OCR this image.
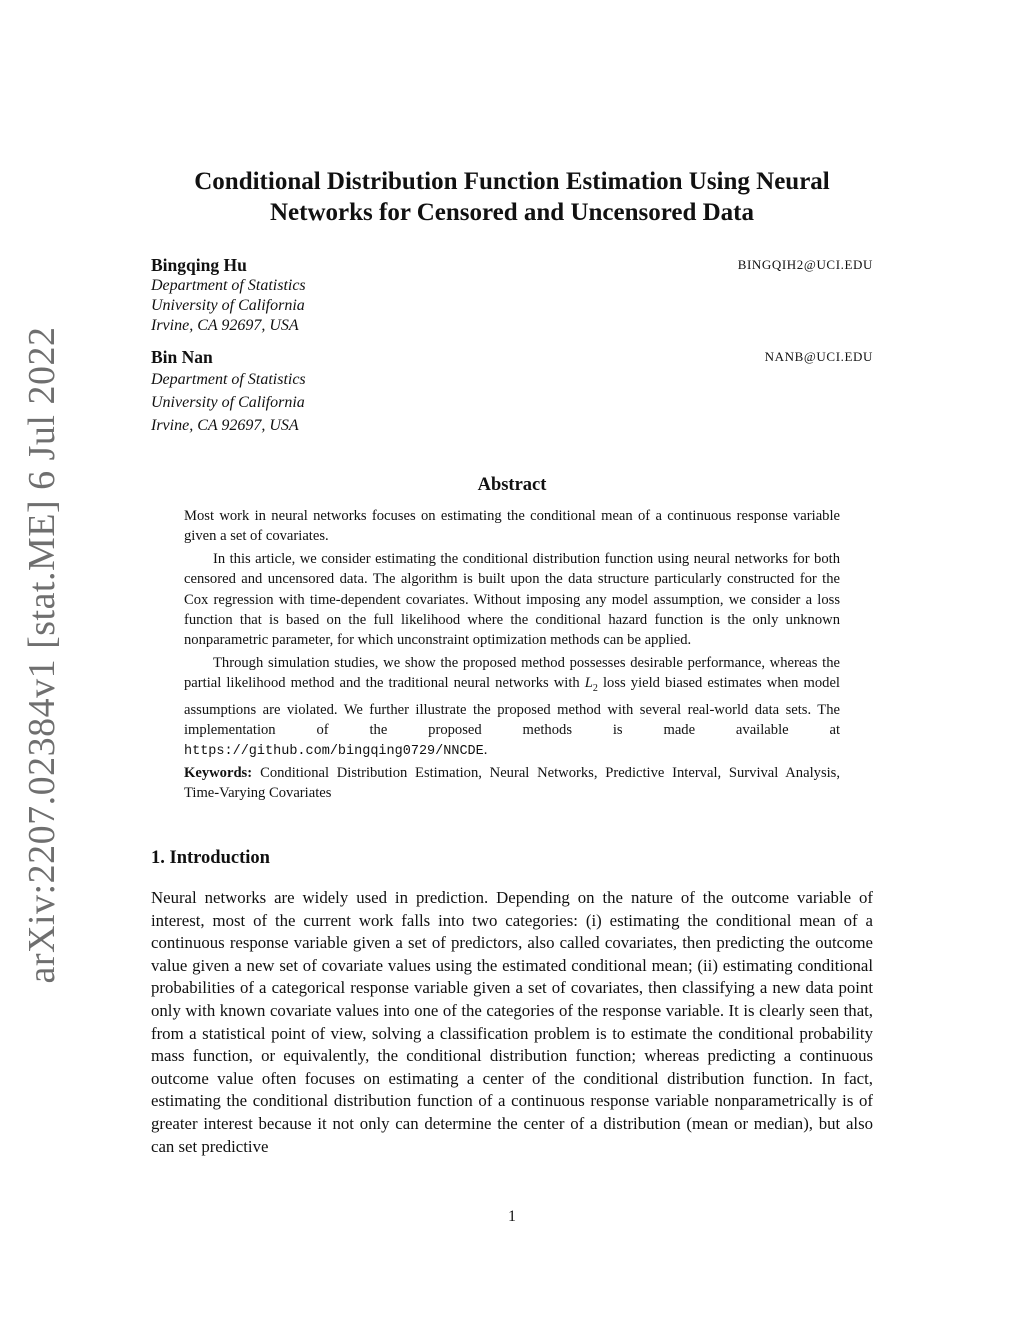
arXiv:2207.02384v1 [stat.ME] 6 Jul 2022
Conditional Distribution Function Estimation Using Neural
Networks for Censored and Uncensored Data
Bingqing Hu	BINGQIH2@UCI.EDU
Department of Statistics
University of California
Irvine, CA 92697, USA
Bin Nan	NANB@UCI.EDU
Department of Statistics
University of California
Irvine, CA 92697, USA
Abstract

Most work in neural networks focuses on estimating the conditional mean of a continuous response variable given a set of covariates.

In this article, we consider estimating the conditional distribution function using neural networks for both censored and uncensored data. The algorithm is built upon the data structure particularly constructed for the Cox regression with time-dependent covariates. Without imposing any model assumption, we consider a loss function that is based on the full likelihood where the conditional hazard function is the only unknown nonparametric parameter, for which unconstraint optimization methods can be applied.

Through simulation studies, we show the proposed method possesses desirable performance, whereas the partial likelihood method and the traditional neural networks with $L_2$ loss yield biased estimates when model assumptions are violated. We further illustrate the proposed method with several real-world data sets. The implementation of the proposed methods is made available at https://github.com/bingqing0729/NNCDE.

Keywords: Conditional Distribution Estimation, Neural Networks, Predictive Interval, Survival Analysis, Time-Varying Covariates

1. Introduction

Neural networks are widely used in prediction. Depending on the nature of the outcome variable of interest, most of the current work falls into two categories: (i) estimating the conditional mean of a continuous response variable given a set of predictors, also called covariates, then predicting the outcome value given a new set of covariate values using the estimated conditional mean; (ii) estimating conditional probabilities of a categorical response variable given a set of covariates, then classifying a new data point only with known covariate values into one of the categories of the response variable. It is clearly seen that, from a statistical point of view, solving a classification problem is to estimate the conditional probability mass function, or equivalently, the conditional distribution function; whereas predicting a continuous outcome value often focuses on estimating a center of the conditional distribution function. In fact, estimating the conditional distribution function of a continuous response variable nonparametrically is of greater interest because it not only can determine the center of a distribution (mean or median), but also can set predictive

1
